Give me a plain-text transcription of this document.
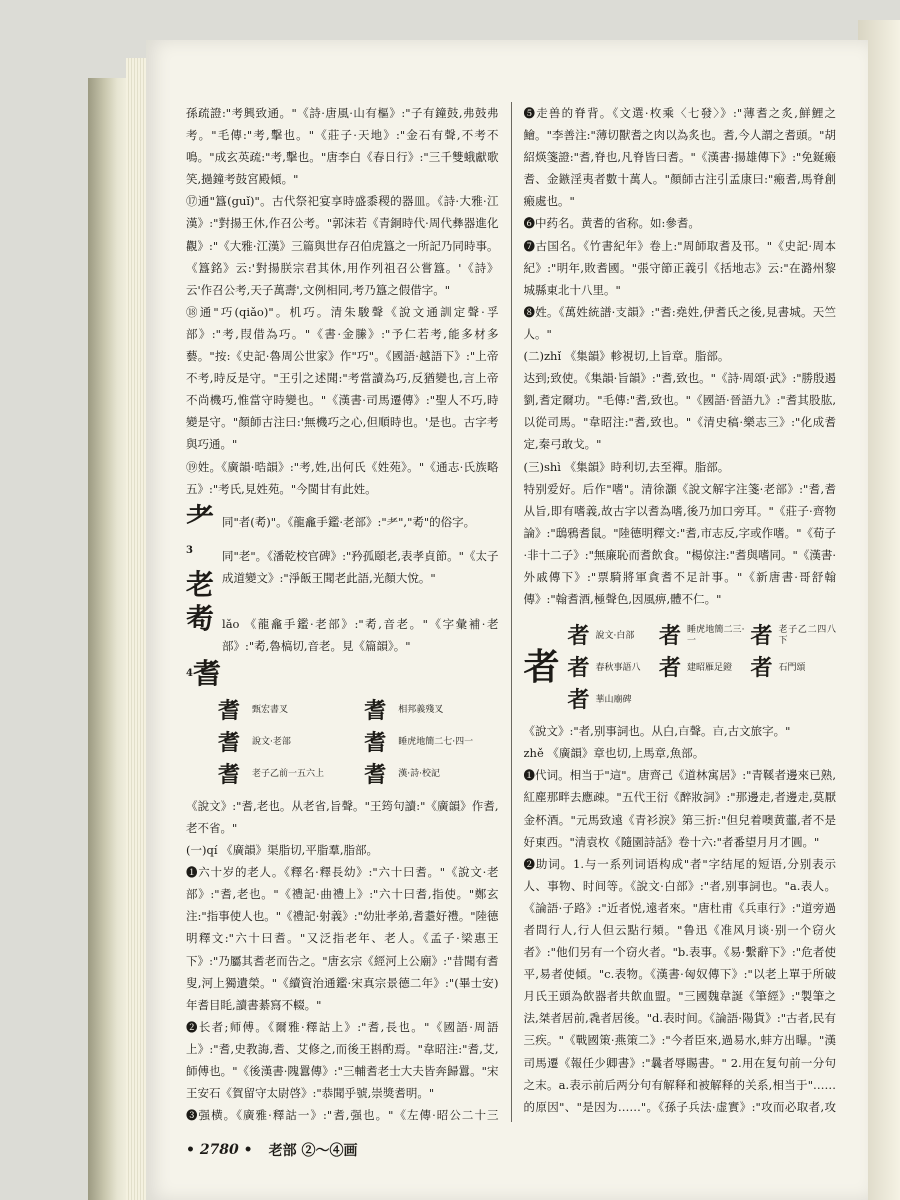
孫疏證:"考興致通。"《詩·唐風·山有樞》:"子有鐘鼓,弗鼓弗考。"毛傳:"考,擊也。"《莊子·天地》:"金石有聲,不考不鳴。"成玄英疏:"考,擊也。"唐李白《春日行》:"三千雙蛾獻歌笑,撾鐘考鼓宮殿傾。"

⑰通"簋(guǐ)"。古代祭祀宴享時盛黍稷的器皿。《詩·大雅·江漢》:"對揚王休,作召公考。"郭沫若《青銅時代·周代彝器進化觀》:"《大雅·江漢》三篇與世存召伯虎簋之一所記乃同時事。《簋銘》云:'對揚朕宗君其休,用作列祖召公嘗簋。'《詩》云'作召公考,天子萬壽',文例相同,考乃簋之假借字。"

⑱通"巧(qiǎo)"。机巧。清朱駿聲《說文通訓定聲·孚部》:"考,叚借為巧。"《書·金縢》:"予仁若考,能多材多藝。"按:《史記·魯周公世家》作"巧"。《國語·越語下》:"上帝不考,時反是守。"王引之述聞:"考當讀為巧,反猶變也,言上帝不尚機巧,惟當守時變也。"《漢書·司馬遷傳》:"聖人不巧,時變是守。"顏師古注曰:'無機巧之心,但順時也。'是也。古字考與巧通。"

⑲姓。《廣韻·晧韻》:"考,姓,出何氏《姓苑》。"《通志·氏族略五》:"考氏,見姓苑。"今閩甘有此姓。

耂 同"者(耇)"。《龍龕手鑑·老部》:"耂","耇"的俗字。
$^3$老
同"老"。《潘乾校官碑》:"矜孤頤老,表孝貞節。"《太子成道變文》:"淨飯王聞老此語,光顏大悅。"
耇 lǎo 《龍龕手鑑·老部》:"耇,音老。"《字彙補·老部》:"耇,魯槁切,音老。見《篇韻》。"
$^4$耆
耆	甄宏書叉	耆	相邦義殘叉
耆	說文·老部	耆	睡虎地簡二七·四一
耆	老子乙前一五六上	耆	漢·詩·校記

《說文》:"耆,老也。从老省,旨聲。"王筠句讀:"《廣韻》作耆,老不省。"

(一)qí 《廣韻》渠脂切,平脂羣,脂部。

❶六十岁的老人。《釋名·釋長幼》:"六十曰耆。"《說文·老部》:"耆,老也。"《禮記·曲禮上》:"六十曰耆,指使。"鄭玄注:"指事使人也。"《禮記·射義》:"幼壯孝弟,耆耋好禮。"陸德明釋文:"六十曰耆。"又泛指老年、老人。《孟子·梁惠王下》:"乃屬其耆老而告之。"唐玄宗《經河上公廟》:"昔聞有耆叟,河上獨遺榮。"《續資治通鑑·宋真宗景德二年》:"(畢士安)年耆目眊,讀書綦寫不輟。"

❷长者;师傅。《爾雅·釋詁上》:"耆,長也。"《國語·周語上》:"耆,史教誨,耆、艾修之,而後王斟酌焉。"韋昭注:"耆,艾,師傅也。"《後漢書·隗囂傳》:"三輔耆老士大夫皆奔歸囂。"宋王安石《賀留守太尉啓》:"恭聞乎號,崇獎耆明。"

❸强横。《廣雅·釋詁一》:"耆,强也。"《左傳·昭公二十三

❺走兽的脊背。《文選·枚乘〈七發〉》:"薄耆之炙,鮮鯉之鱠。"李善注:"薄切獸耆之肉以為炙也。耆,今人謂之耆頭。"胡紹煐箋證:"耆,脊也,凡脊皆曰耆。"《漢書·揚雄傳下》:"免鋋瘢耆、金鏃淫夷者數十萬人。"顏師古注引孟康曰:"瘢耆,馬脊創瘢處也。"

❻中药名。黄耆的省称。如:參耆。

❼古国名。《竹書紀年》卷上:"周師取耆及邗。"《史記·周本紀》:"明年,敗耆國。"張守節正義引《括地志》云:"在潞州黎城縣東北十八里。"

❽姓。《萬姓統譜·支韻》:"耆:堯姓,伊耆氏之後,見書城。天竺人。"

(二)zhǐ 《集韻》軫視切,上旨章。脂部。

达到;致使。《集韻·旨韻》:"耆,致也。"《詩·周頌·武》:"勝殷遏劉,耆定爾功。"毛傳:"耆,致也。"《國語·晉語九》:"耆其股肱,以從司馬。"韋昭注:"耆,致也。"《清史稿·樂志三》:"化成耆定,秦弓敢戈。"

(三)shì 《集韻》時利切,去至禪。脂部。

特别爱好。后作"嗜"。清徐灝《說文解字注箋·老部》:"耆,耆从旨,即有嗜義,故古字以耆為嗜,後乃加口旁耳。"《莊子·齊物論》:"鴟鴉耆鼠。"陸德明釋文:"耆,市志反,字或作嗜。"《荀子·非十二子》:"無廉恥而耆飲食。"楊倞注:"耆與嗜同。"《漢書·外戚傳下》:"票騎將軍貪耆不足計事。"《新唐書·哥舒翰傳》:"翰耆酒,極聲色,因風痹,體不仁。"

者
者 說文·白部	者 睡虎地簡二三·一	者 老子乙二四八下
者 春秋事語八 者 建昭雁足鐙 者 石門頌
者 華山廟碑

《說文》:"者,别事詞也。从白,𣅀聲。𣅀,古文旅字。"

zhě 《廣韻》章也切,上馬章,魚部。

❶代词。相当于"這"。唐齊己《道林寓居》:"青鞵者邊來已熟,紅塵那畔去應疎。"五代王衍《醉妝詞》:"那邊走,者邊走,莫厭金杯酒。"元馬致遠《青衫淚》第三折:"但兒着噢黄虀,者不是好東西。"清袁枚《隨園詩話》卷十六:"者番望月月才圓。"

❷助词。1.与一系列词语构成"者"字结尾的短语,分别表示人、事物、时间等。《說文·白部》:"者,别事詞也。"a.表人。《論語·子路》:"近者悦,遠者來。"唐杜甫《兵車行》:"道旁過者問行人,行人但云點行頻。"鲁迅《准风月谈·别一个窃火者》:"他们另有一个窃火者。"b.表事。《易·繫辭下》:"危者使平,易者使傾。"c.表物。《漢書·匈奴傳下》:"以老上單于所破月氏王頭為飲器者共飲血盟。"三國魏韋誕《筆經》:"製筆之法,桀者居前,毳者居後。"d.表时间。《論語·陽貨》:"古者,民有三疾。"《戰國策·燕策二》:"今者臣來,過易水,蚌方出曝。"漢司馬遷《報任少卿書》:"曩者辱賜書。" 2.用在复句前一分句之末。a.表示前后两分句有解释和被解释的关系,相当于"……的原因"、"是因为……"。《孫子兵法·虚實》:"攻而必取者,攻

• 2780 • 老部 ②～④画
